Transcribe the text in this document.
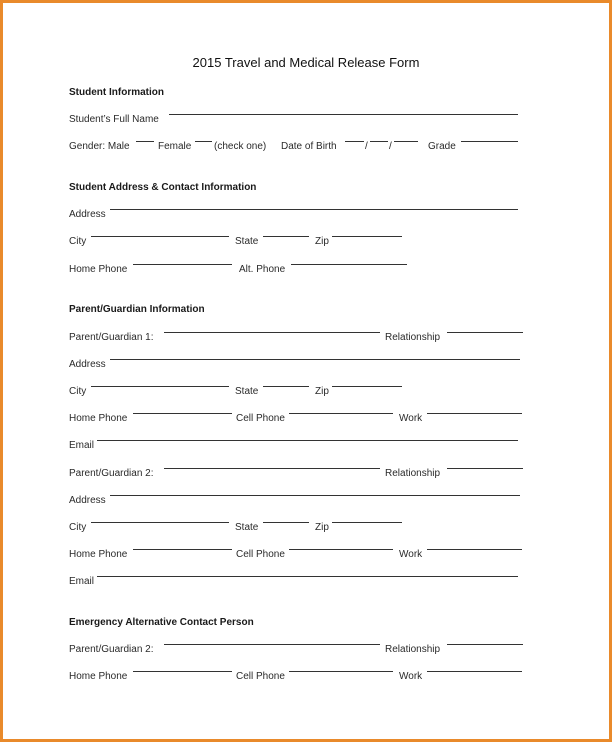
2015 Travel and Medical Release Form
Student Information
Student’s Full Name
Gender: Male	Female (check one) Date of Birth	/ /	Grade
Student Address & Contact Information
Address
City	State	Zip
Home Phone	Alt. Phone
Parent/Guardian Information
Parent/Guardian 1:	Relationship
Address
City	State	Zip
Home Phone	Cell Phone	Work
Email
Parent/Guardian 2:	Relationship
Address
City	State	Zip
Home Phone	Cell Phone	Work
Email
Emergency Alternative Contact Person
Parent/Guardian 2:	Relationship
Home Phone	Cell Phone	Work
